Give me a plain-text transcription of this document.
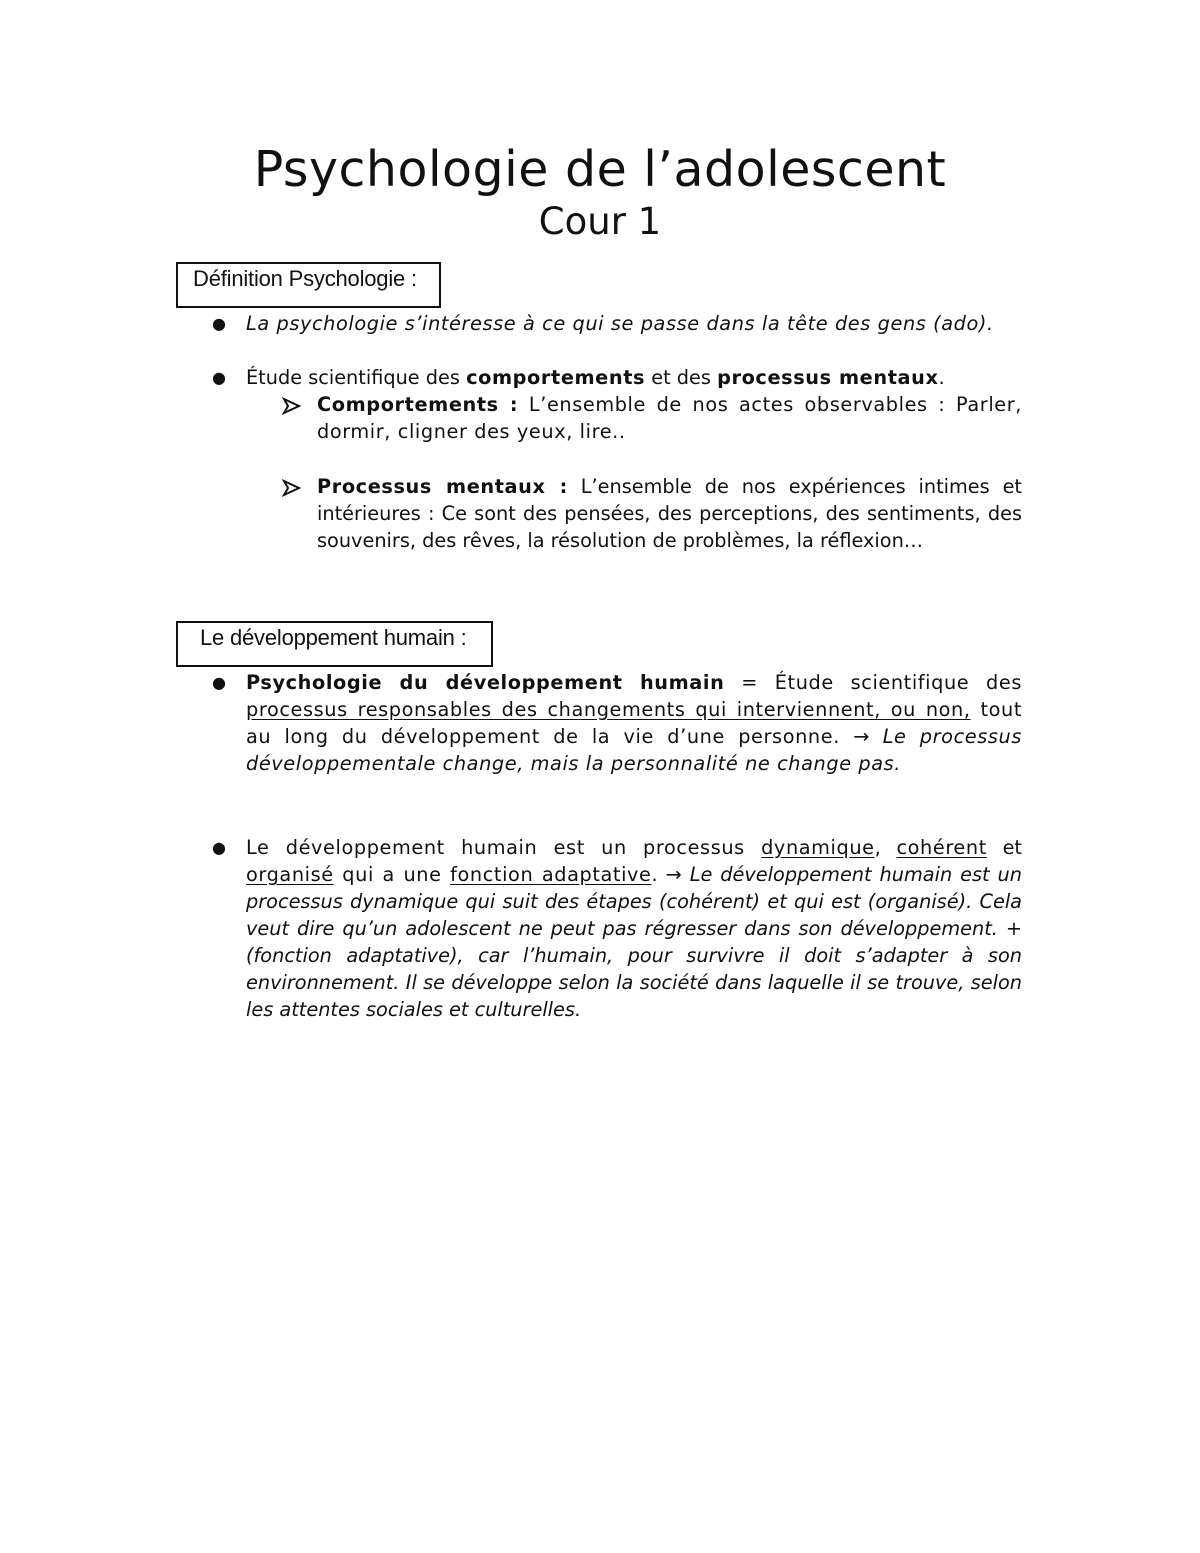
Psychologie de l’adolescent
Cour 1
Définition Psychologie :
● La psychologie s’intéresse à ce qui se passe dans la tête des gens (ado).
● Étude scientifique des comportements et des processus mentaux.
Comportements : L’ensemble de nos actes observables : Parler, dormir, cligner des yeux, lire..
Processus mentaux : L’ensemble de nos expériences intimes et intérieures : Ce sont des pensées, des perceptions, des sentiments, des souvenirs, des rêves, la résolution de problèmes, la réflexion…
Le développement humain :
● Psychologie du développement humain = Étude scientifique des processus responsables des changements qui interviennent, ou non, tout au long du développement de la vie d’une personne. → Le processus développementale change, mais la personnalité ne change pas.
● Le développement humain est un processus dynamique, cohérent et organisé qui a une fonction adaptative. → Le développement humain est un processus dynamique qui suit des étapes (cohérent) et qui est (organisé). Cela veut dire qu’un adolescent ne peut pas régresser dans son développement. + (fonction adaptative), car l’humain, pour survivre il doit s’adapter à son environnement. Il se développe selon la société dans laquelle il se trouve, selon les attentes sociales et culturelles.
